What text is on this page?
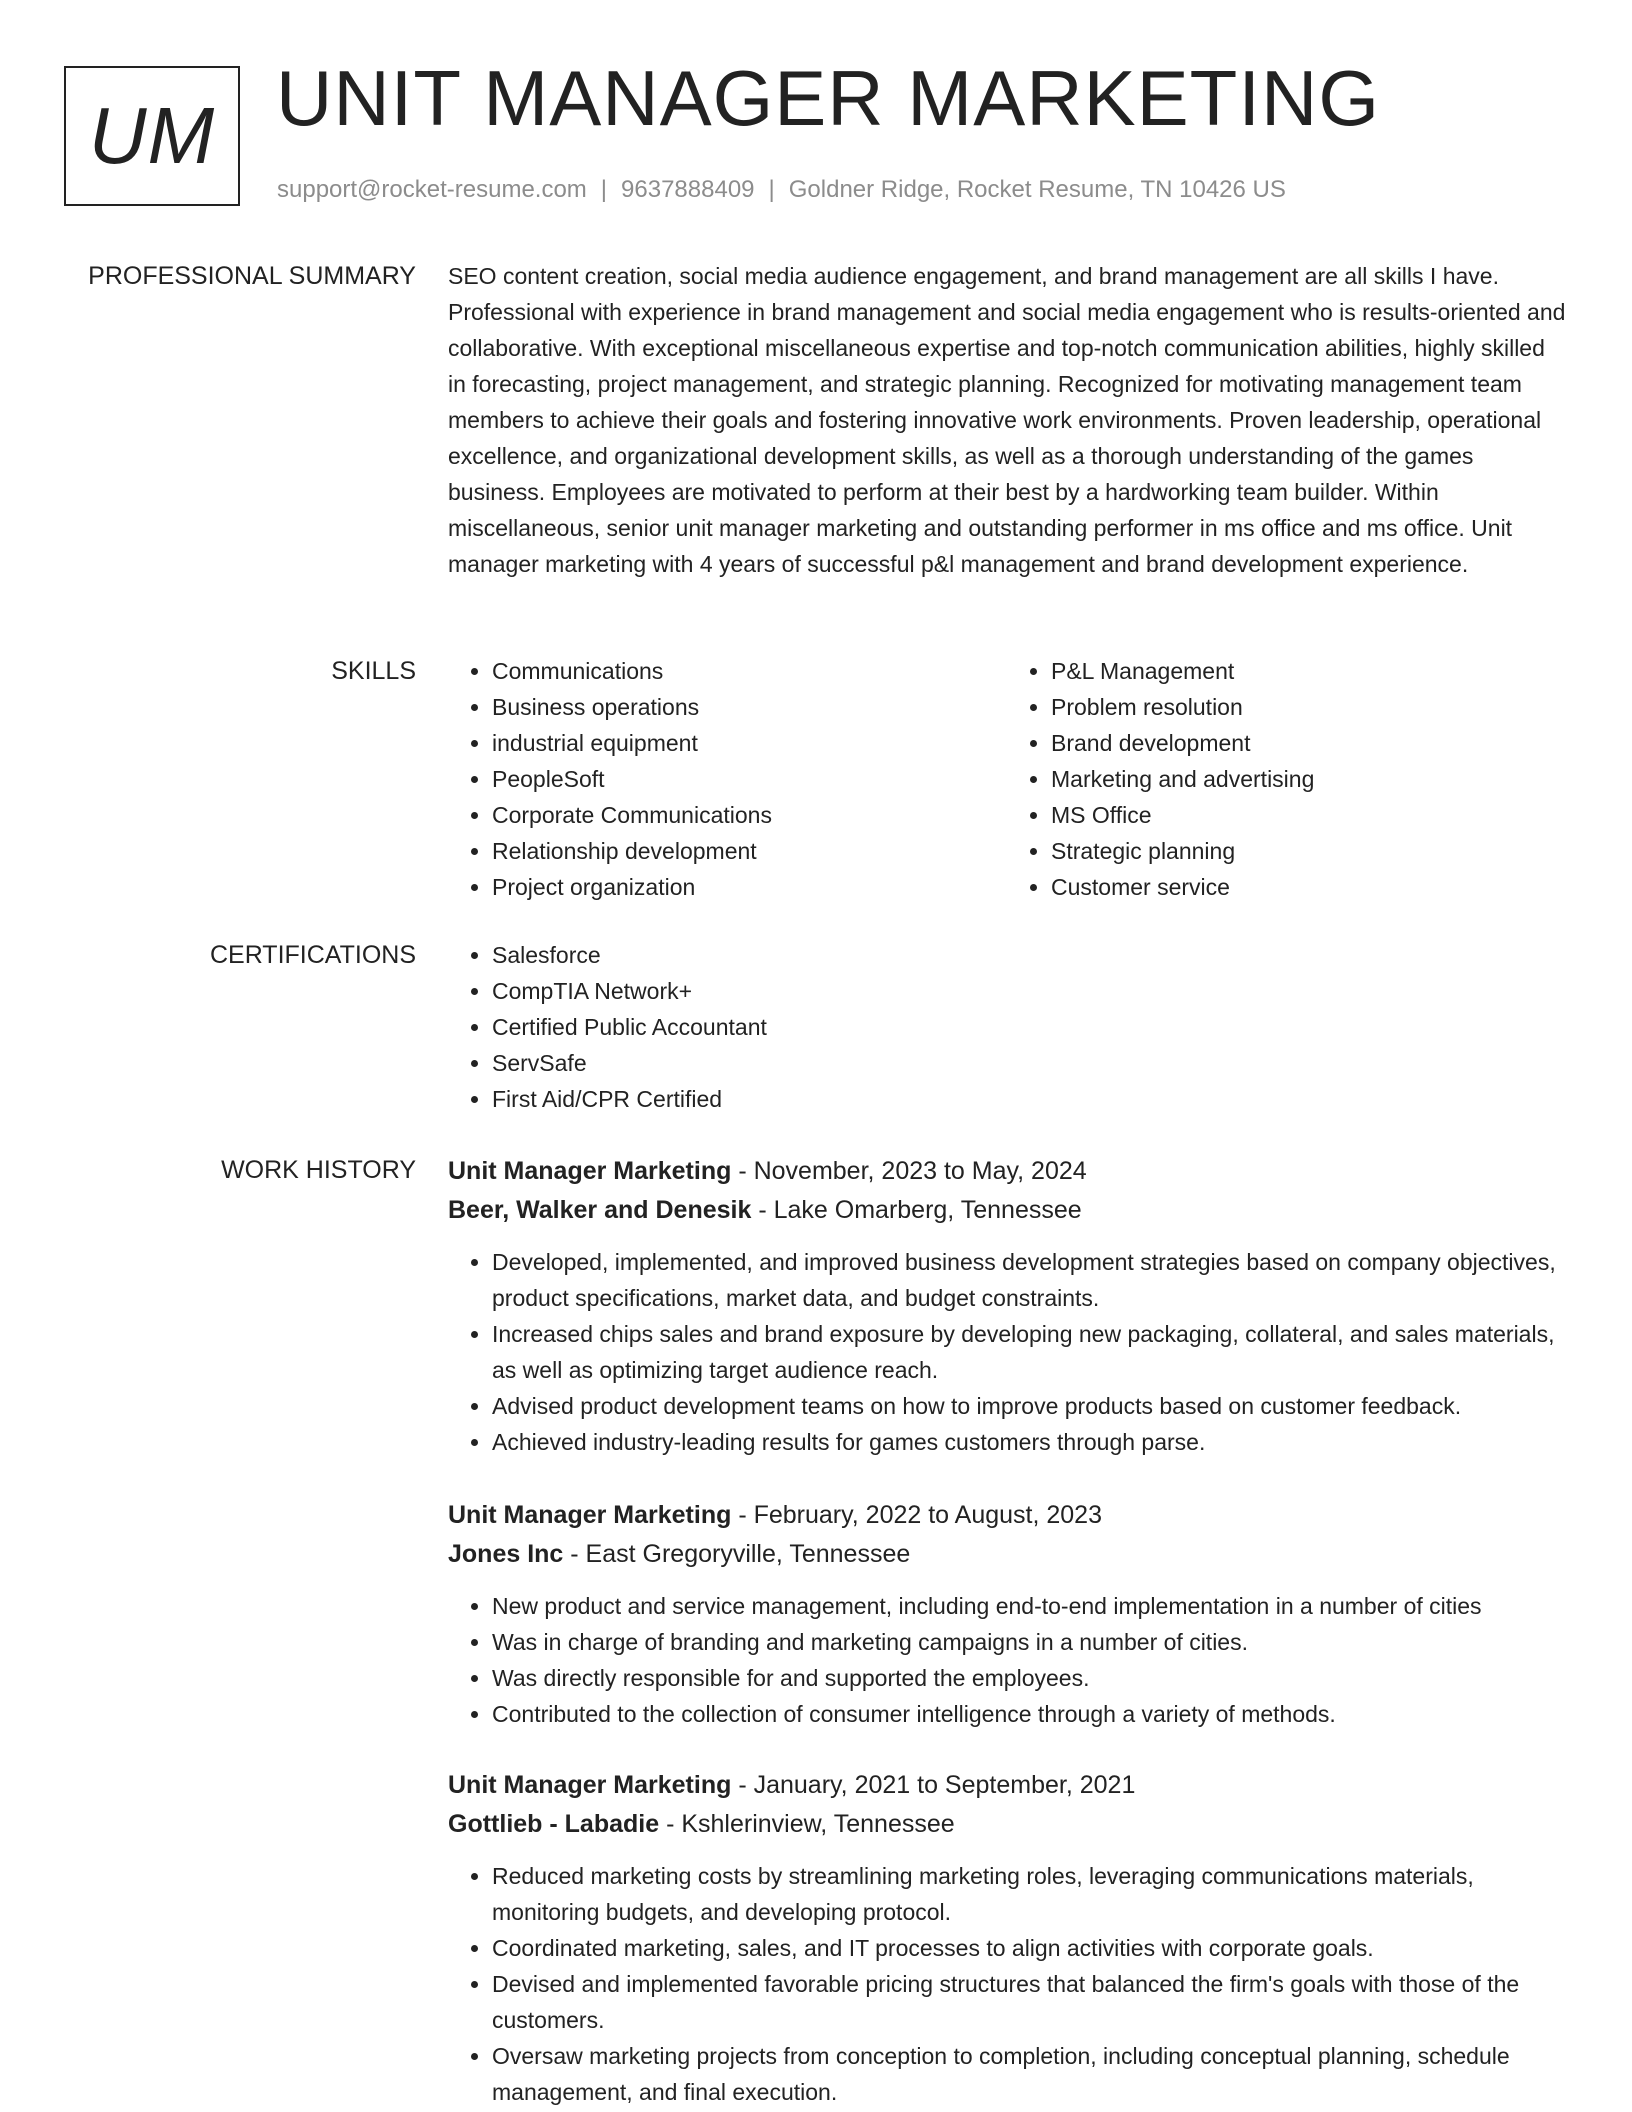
UM UNIT MANAGER MARKETING
support@rocket-resume.com | 9637888409 | Goldner Ridge, Rocket Resume, TN 10426 US
PROFESSIONAL SUMMARY SEO content creation, social media audience engagement, and brand management are all skills I have. Professional with experience in brand management and social media engagement who is results-oriented and collaborative. With exceptional miscellaneous expertise and top-notch communication abilities, highly skilled in forecasting, project management, and strategic planning. Recognized for motivating management team members to achieve their goals and fostering innovative work environments. Proven leadership, operational excellence, and organizational development skills, as well as a thorough understanding of the games business. Employees are motivated to perform at their best by a hardworking team builder. Within miscellaneous, senior unit manager marketing and outstanding performer in ms office and ms office. Unit manager marketing with 4 years of successful p&l management and brand development experience.

SKILLS	• Communications
• Business operations
• industrial equipment
• PeopleSoft
• Corporate Communications
• Relationship development
• Project organization
• P&L Management
• Problem resolution
• Brand development
• Marketing and advertising
• MS Office
• Strategic planning
• Customer service
CERTIFICATIONS	• Salesforce
• CompTIA Network+
• Certified Public Accountant
• ServSafe
• First Aid/CPR Certified
WORK HISTORY Unit Manager Marketing - November, 2023 to May, 2024
Beer, Walker and Denesik - Lake Omarberg, Tennessee
• Developed, implemented, and improved business development strategies based on company objectives, product specifications, market data, and budget constraints.
• Increased chips sales and brand exposure by developing new packaging, collateral, and sales materials, as well as optimizing target audience reach.
• Advised product development teams on how to improve products based on customer feedback.
• Achieved industry-leading results for games customers through parse.
Unit Manager Marketing - February, 2022 to August, 2023
Jones Inc - East Gregoryville, Tennessee
• New product and service management, including end-to-end implementation in a number of cities
• Was in charge of branding and marketing campaigns in a number of cities.
• Was directly responsible for and supported the employees.
• Contributed to the collection of consumer intelligence through a variety of methods.
Unit Manager Marketing - January, 2021 to September, 2021
Gottlieb - Labadie - Kshlerinview, Tennessee
• Reduced marketing costs by streamlining marketing roles, leveraging communications materials, monitoring budgets, and developing protocol.
• Coordinated marketing, sales, and IT processes to align activities with corporate goals.
• Devised and implemented favorable pricing structures that balanced the firm's goals with those of the customers.
• Oversaw marketing projects from conception to completion, including conceptual planning, schedule management, and final execution.
